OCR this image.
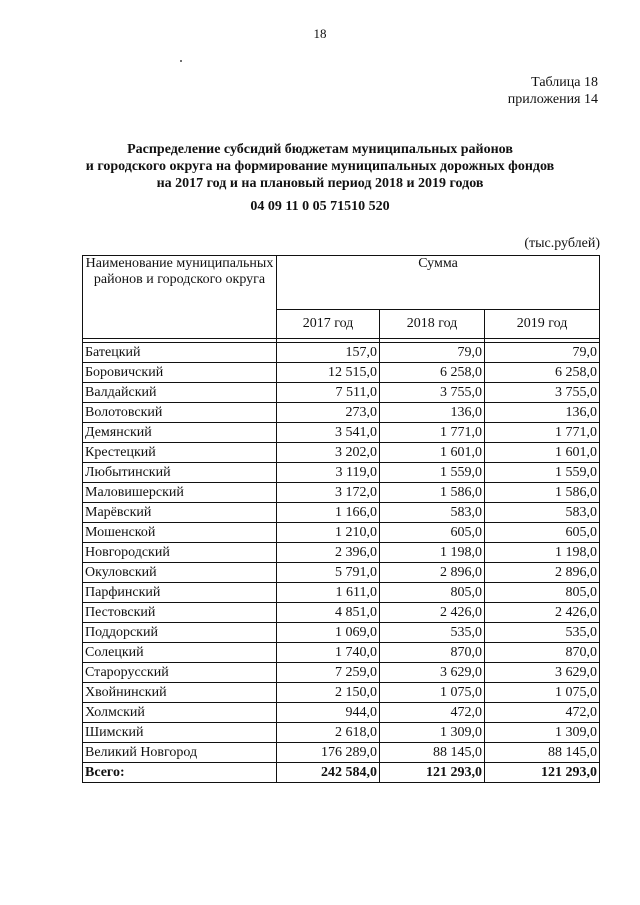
18
Таблица 18
приложения 14
Распределение субсидий бюджетам муниципальных районов
и городского округа на формирование муниципальных дорожных фондов
на 2017 год и на плановый период 2018 и 2019 годов
04 09 11 0 05 71510 520
(тыс.рублей)
Наименование муниципальных районов и городского округа	Сумма		
	2017 год	2018 год	2019 год

Батецкий	157,0	79,0	79,0
Боровичский	12 515,0	6 258,0	6 258,0
Валдайский	7 511,0	3 755,0	3 755,0
Волотовский	273,0	136,0	136,0
Демянский	3 541,0	1 771,0	1 771,0
Крестецкий	3 202,0	1 601,0	1 601,0
Любытинский	3 119,0	1 559,0	1 559,0
Маловишерский	3 172,0	1 586,0	1 586,0
Марёвский	1 166,0	583,0	583,0
Мошенской	1 210,0	605,0	605,0
Новгородский	2 396,0	1 198,0	1 198,0
Окуловский	5 791,0	2 896,0	2 896,0
Парфинский	1 611,0	805,0	805,0
Пестовский	4 851,0	2 426,0	2 426,0
Поддорский	1 069,0	535,0	535,0
Солецкий	1 740,0	870,0	870,0
Старорусский	7 259,0	3 629,0	3 629,0
Хвойнинский	2 150,0	1 075,0	1 075,0
Холмский	944,0	472,0	472,0
Шимский	2 618,0	1 309,0	1 309,0
Великий Новгород	176 289,0	88 145,0	88 145,0
Всего:	242 584,0	121 293,0	121 293,0
